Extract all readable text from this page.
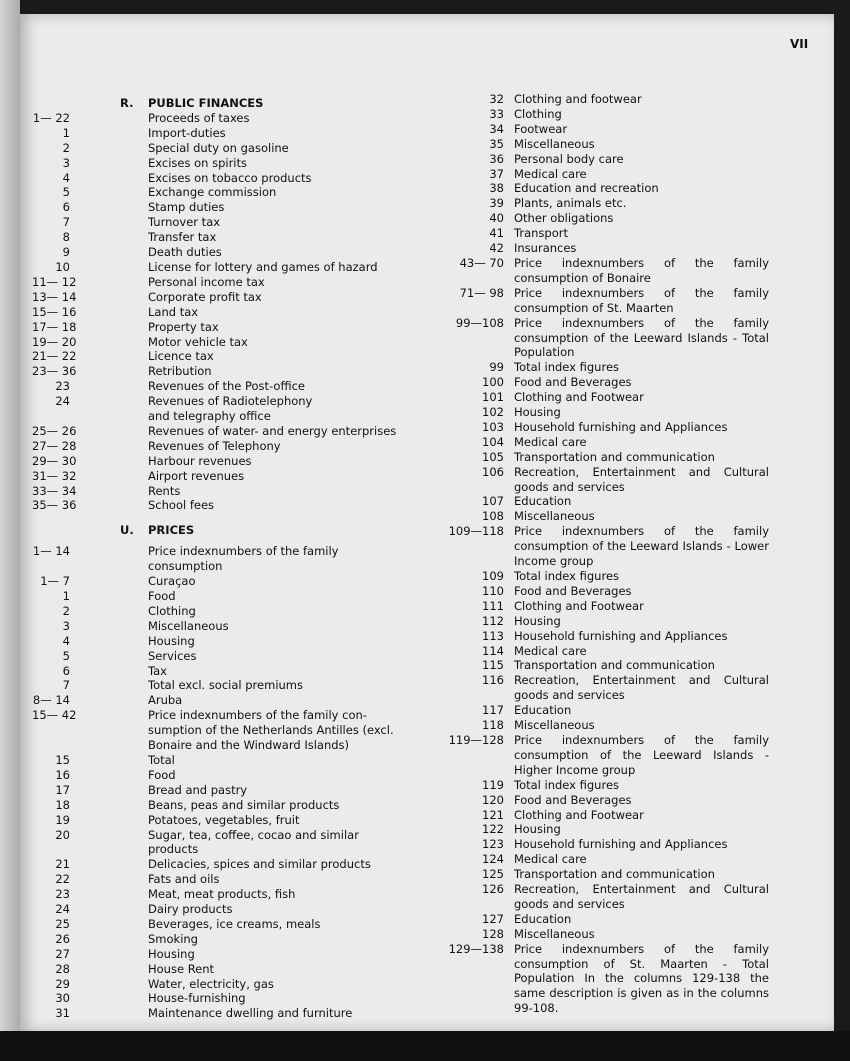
VII
R.	PUBLIC FINANCES
1— 22	Proceeds of taxes
1	Import-duties
2	Special duty on gasoline
3	Excises on spirits
4	Excises on tobacco products
5	Exchange commission
6	Stamp duties
7	Turnover tax
8	Transfer tax
9	Death duties
10	License for lottery and games of hazard
11— 12	Personal income tax
13— 14	Corporate profit tax
15— 16	Land tax
17— 18	Property tax
19— 20	Motor vehicle tax
21— 22	Licence tax
23— 36	Retribution
23	Revenues of the Post-office
24	Revenues of Radiotelephony
and telegraphy office
25— 26	Revenues of water- and energy enterprises
27— 28	Revenues of Telephony
29— 30	Harbour revenues
31— 32	Airport revenues
33— 34	Rents
35— 36	School fees
U.	PRICES
1— 14	Price indexnumbers of the family
consumption
1— 7	Curaçao
1	Food
2	Clothing
3	Miscellaneous
4	Housing
5	Services
6	Tax
7	Total excl. social premiums
8— 14	Aruba
15— 42	Price indexnumbers of the family con-
sumption of the Netherlands Antilles (excl.
Bonaire and the Windward Islands)
15	Total
16	Food
17	Bread and pastry
18	Beans, peas and similar products
19	Potatoes, vegetables, fruit
20	Sugar, tea, coffee, cocao and similar
products
21	Delicacies, spices and similar products
22	Fats and oils
23	Meat, meat products, fish
24	Dairy products
25	Beverages, ice creams, meals
26	Smoking
27	Housing
28	House Rent
29	Water, electricity, gas
30	House-furnishing
31	Maintenance dwelling and furniture
32 Clothing and footwear
33 Clothing
34 Footwear
35 Miscellaneous
36 Personal body care
37 Medical care
38 Education and recreation
39 Plants, animals etc.
40 Other obligations
41 Transport
42 Insurances
43— 70 Price indexnumbers of the family consumption of Bonaire
71— 98 Price indexnumbers of the family consumption of St. Maarten
99—108 Price indexnumbers of the family consumption of the Leeward Islands - Total Population
99 Total index figures
100 Food and Beverages
101 Clothing and Footwear
102 Housing
103 Household furnishing and Appliances
104 Medical care
105 Transportation and communication
106 Recreation, Entertainment and Cultural goods and services
107 Education
108 Miscellaneous
109—118 Price indexnumbers of the family consumption of the Leeward Islands - Lower Income group
109 Total index figures
110 Food and Beverages
111 Clothing and Footwear
112 Housing
113 Household furnishing and Appliances
114 Medical care
115 Transportation and communication
116 Recreation, Entertainment and Cultural goods and services
117 Education
118 Miscellaneous
119—128 Price indexnumbers of the family consumption of the Leeward Islands - Higher Income group
119 Total index figures
120 Food and Beverages
121 Clothing and Footwear
122 Housing
123 Household furnishing and Appliances
124 Medical care
125 Transportation and communication
126 Recreation, Entertainment and Cultural goods and services
127 Education
128 Miscellaneous
129—138 Price indexnumbers of the family consumption of St. Maarten - Total Population In the columns 129-138 the same description is given as in the columns 99-108.
